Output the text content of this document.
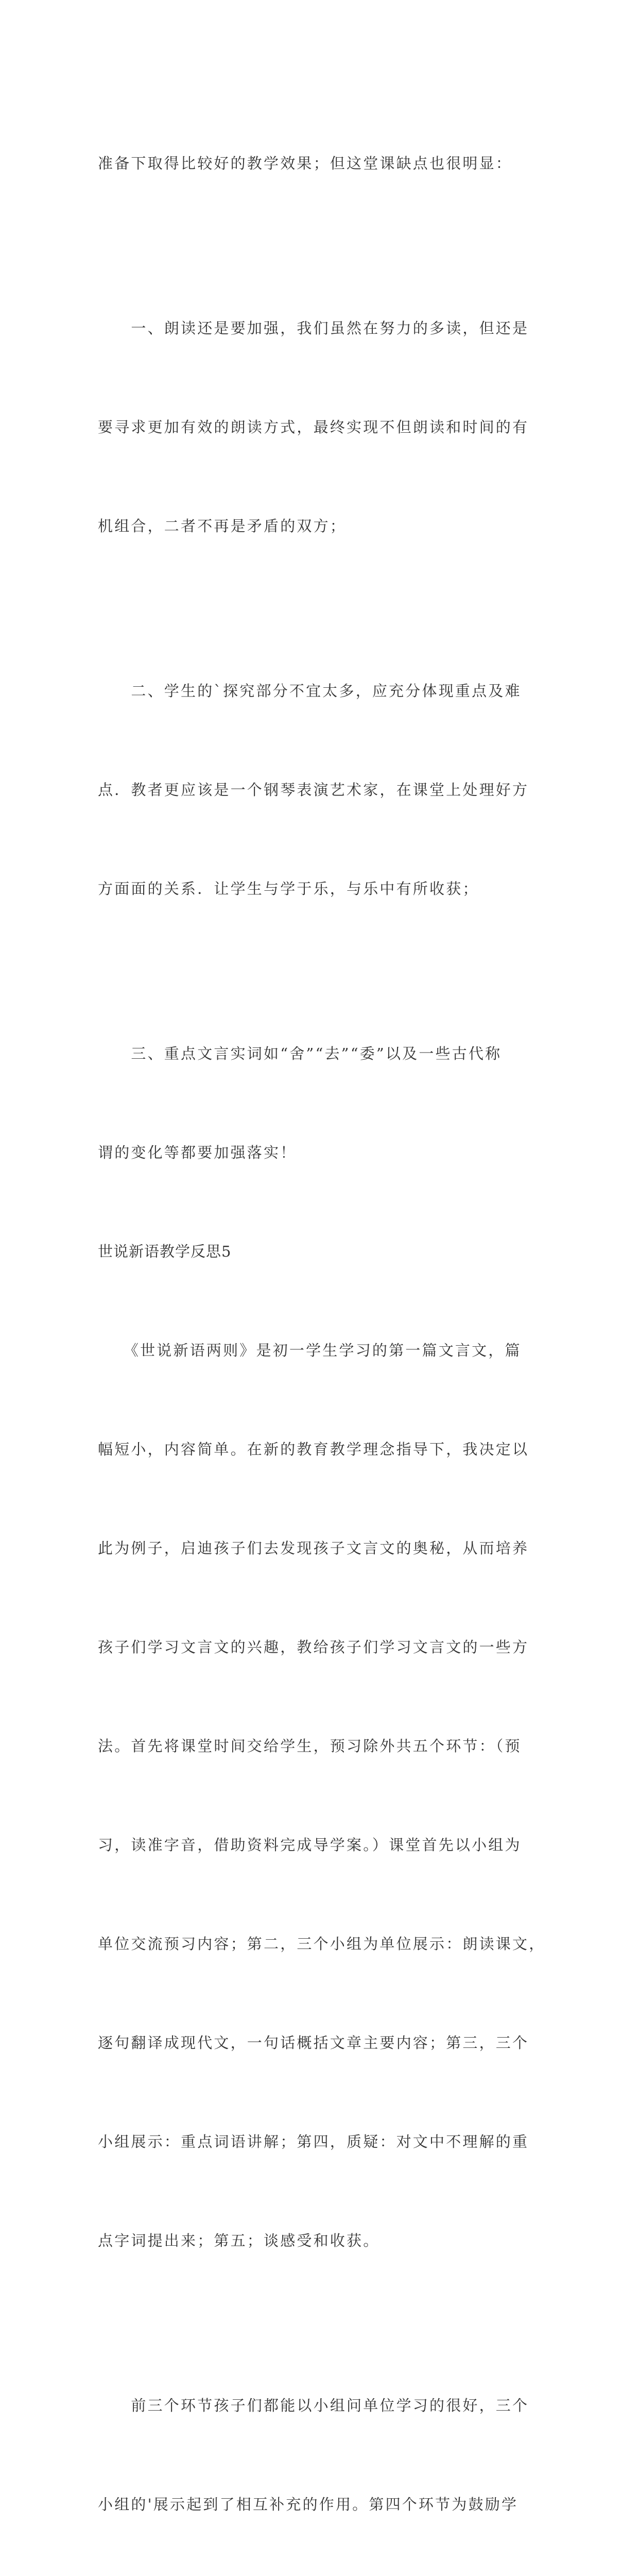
准备下取得比较好的教学效果；但这堂课缺点也很明显：

　　一、朗读还是要加强，我们虽然在努力的多读，但还是

要寻求更加有效的朗读方式，最终实现不但朗读和时间的有

机组合，二者不再是矛盾的双方；

　　二、学生的`探究部分不宜太多，应充分体现重点及难

点．教者更应该是一个钢琴表演艺术家，在课堂上处理好方

方面面的关系．让学生与学于乐，与乐中有所收获；

　　三、重点文言实词如“舍”“去”“委”以及一些古代称

谓的变化等都要加强落实！

世说新语教学反思5

　　《世说新语两则》是初一学生学习的第一篇文言文，篇

幅短小，内容简单。在新的教育教学理念指导下，我决定以

此为例子，启迪孩子们去发现孩子文言文的奥秘，从而培养

孩子们学习文言文的兴趣，教给孩子们学习文言文的一些方

法。首先将课堂时间交给学生，预习除外共五个环节：（预

习，读准字音，借助资料完成导学案。）课堂首先以小组为

单位交流预习内容；第二，三个小组为单位展示：朗读课文，

逐句翻译成现代文，一句话概括文章主要内容；第三，三个

小组展示：重点词语讲解；第四，质疑：对文中不理解的重

点字词提出来；第五；谈感受和收获。

　　前三个环节孩子们都能以小组问单位学习的很好，三个

小组的'展示起到了相互补充的作用。第四个环节为鼓励学
